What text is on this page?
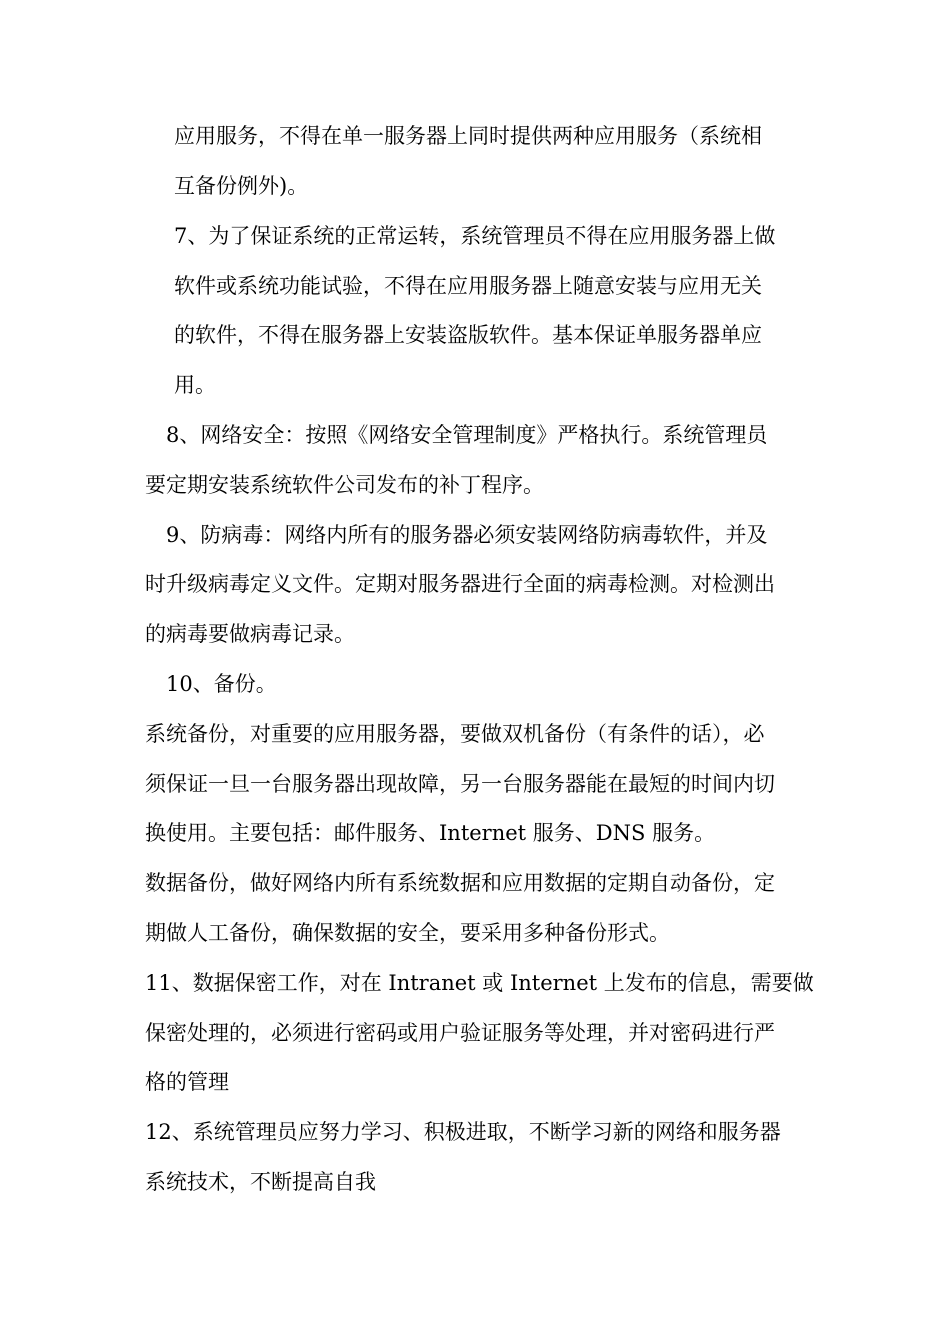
应用服务，不得在单一服务器上同时提供两种应用服务（系统相
互备份例外)。
7、为了保证系统的正常运转，系统管理员不得在应用服务器上做
软件或系统功能试验，不得在应用服务器上随意安装与应用无关
的软件，不得在服务器上安装盗版软件。基本保证单服务器单应
用。
8、网络安全：按照《网络安全管理制度》严格执行。系统管理员
要定期安装系统软件公司发布的补丁程序。
9、防病毒：网络内所有的服务器必须安装网络防病毒软件，并及
时升级病毒定义文件。定期对服务器进行全面的病毒检测。对检测出
的病毒要做病毒记录。
10、备份。
系统备份，对重要的应用服务器，要做双机备份（有条件的话），必
须保证一旦一台服务器出现故障，另一台服务器能在最短的时间内切
换使用。主要包括：邮件服务、Internet 服务、DNS 服务。
数据备份，做好网络内所有系统数据和应用数据的定期自动备份，定
期做人工备份，确保数据的安全，要采用多种备份形式。
11、数据保密工作，对在 Intranet 或 Internet 上发布的信息，需要做
保密处理的，必须进行密码或用户验证服务等处理，并对密码进行严
格的管理
12、系统管理员应努力学习、积极进取，不断学习新的网络和服务器
系统技术，不断提高自我
